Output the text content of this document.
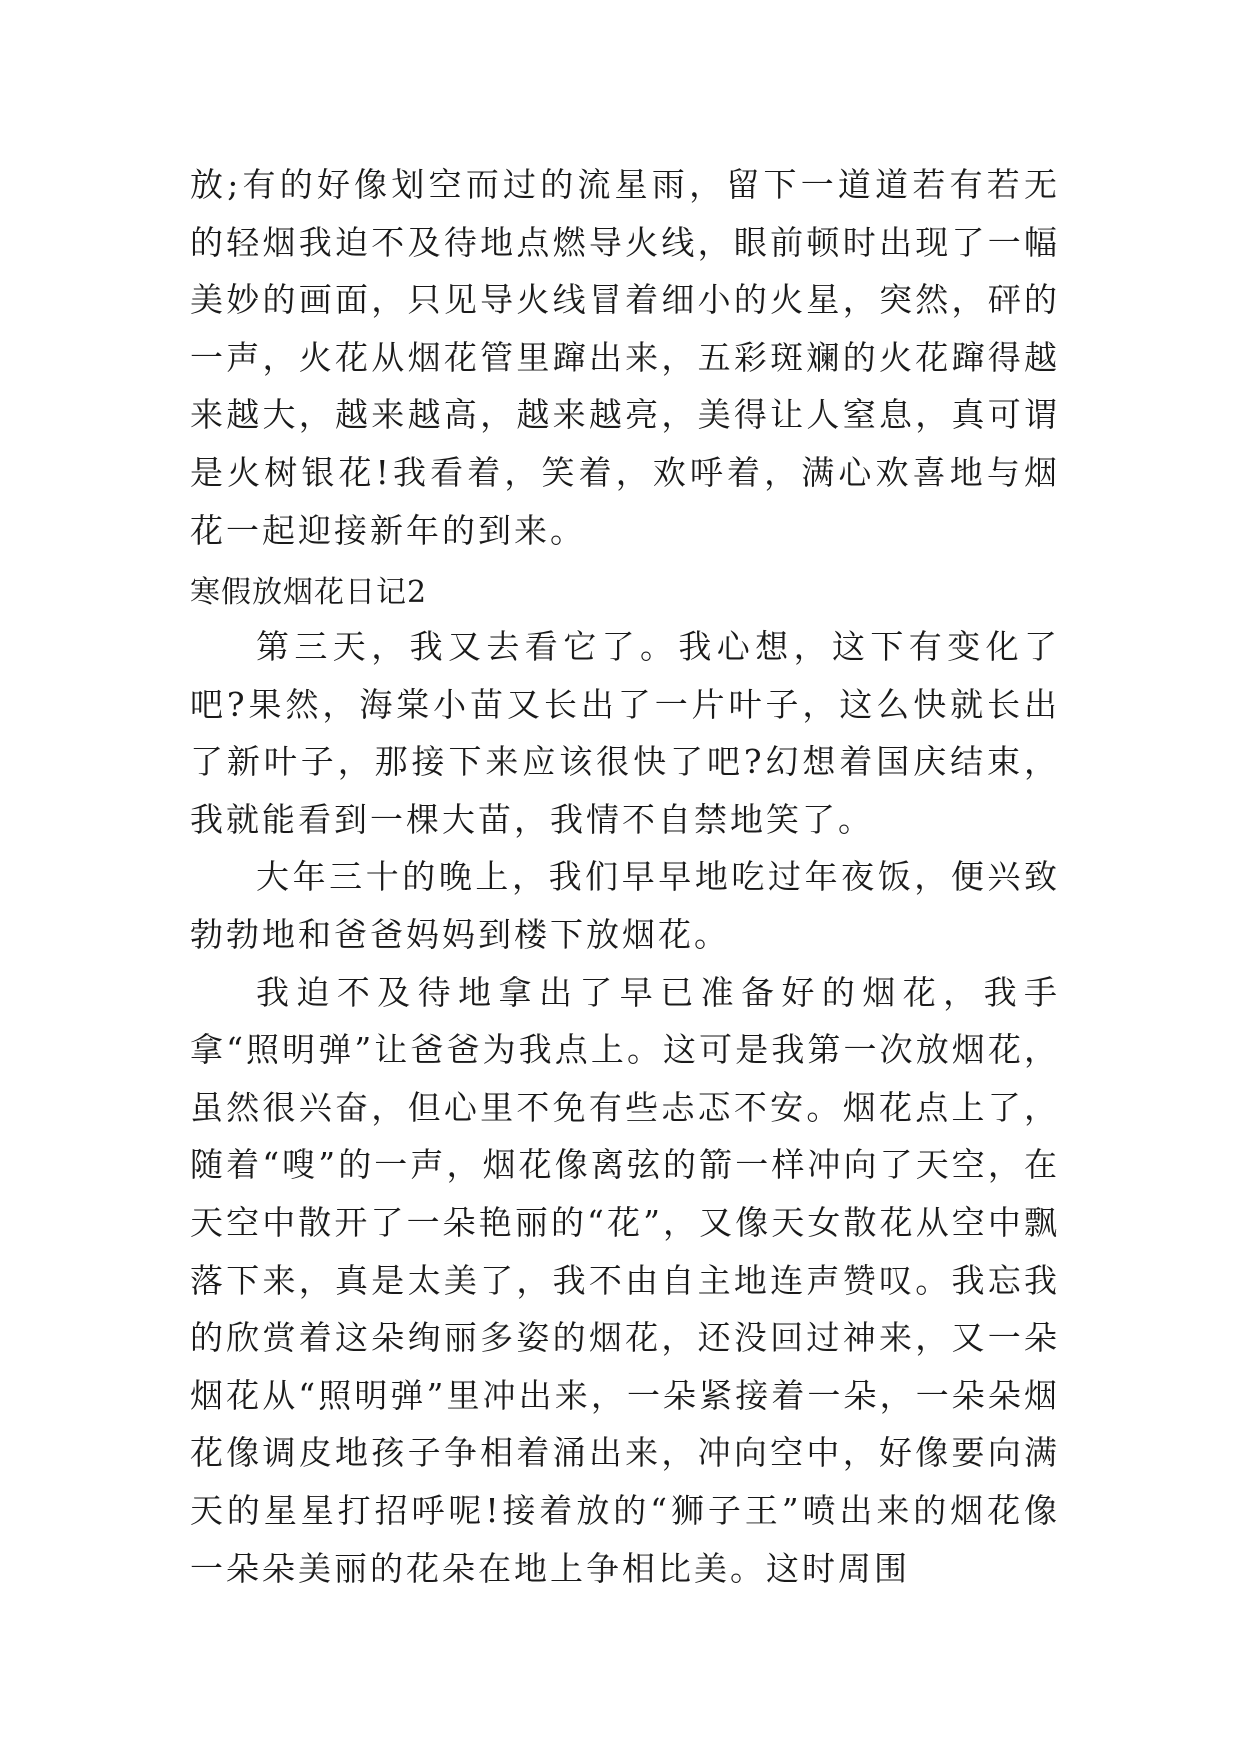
放;有的好像划空而过的流星雨，留下一道道若有若无的轻烟我迫不及待地点燃导火线，眼前顿时出现了一幅美妙的画面，只见导火线冒着细小的火星，突然，砰的一声，火花从烟花管里蹿出来，五彩斑斓的火花蹿得越来越大，越来越高，越来越亮，美得让人窒息，真可谓是火树银花!我看着，笑着，欢呼着，满心欢喜地与烟花一起迎接新年的到来。

寒假放烟花日记2

第三天，我又去看它了。我心想，这下有变化了吧?果然，海棠小苗又长出了一片叶子，这么快就长出了新叶子，那接下来应该很快了吧?幻想着国庆结束，我就能看到一棵大苗，我情不自禁地笑了。

大年三十的晚上，我们早早地吃过年夜饭，便兴致勃勃地和爸爸妈妈到楼下放烟花。

我迫不及待地拿出了早已准备好的烟花，我手拿“照明弹”让爸爸为我点上。这可是我第一次放烟花，虽然很兴奋，但心里不免有些忐忑不安。烟花点上了，随着“嗖”的一声，烟花像离弦的箭一样冲向了天空，在天空中散开了一朵艳丽的“花”，又像天女散花从空中飘落下来，真是太美了，我不由自主地连声赞叹。我忘我的欣赏着这朵绚丽多姿的烟花，还没回过神来，又一朵烟花从“照明弹”里冲出来，一朵紧接着一朵，一朵朵烟花像调皮地孩子争相着涌出来，冲向空中，好像要向满天的星星打招呼呢!接着放的“狮子王”喷出来的烟花像一朵朵美丽的花朵在地上争相比美。这时周围
